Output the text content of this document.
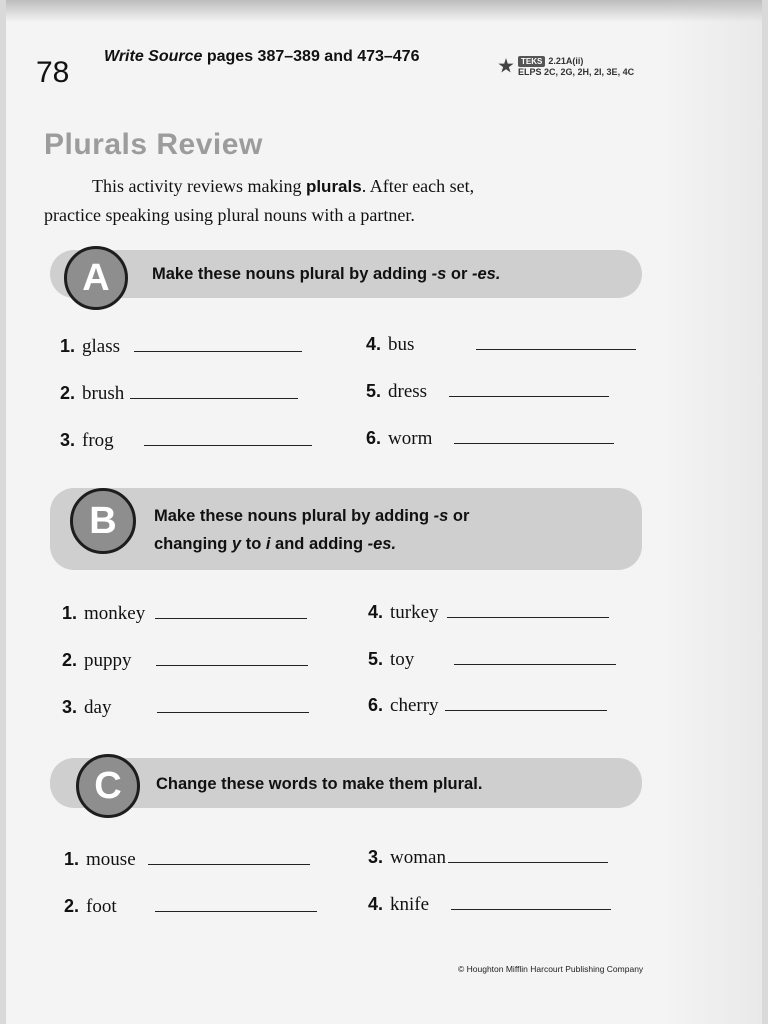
78 Write Source pages 387–389 and 473–476	TEKS 2.21A(ii)
ELPS 2C, 2G, 2H, 2I, 3E, 4C
Plurals Review
This activity reviews making plurals. After each set,
practice speaking using plural nouns with a partner.
A	Make these nouns plural by adding -s or -es.
1. glass
2. brush
3. frog
4. bus
5. dress
6. worm
B	Make these nouns plural by adding -s or
changing y to i and adding -es.
1. monkey
2. puppy
3. day
4. turkey
5. toy
6. cherry
C	Change these words to make them plural.
1. mouse
2. foot
3. woman
4. knife
© Houghton Mifflin Harcourt Publishing Company
